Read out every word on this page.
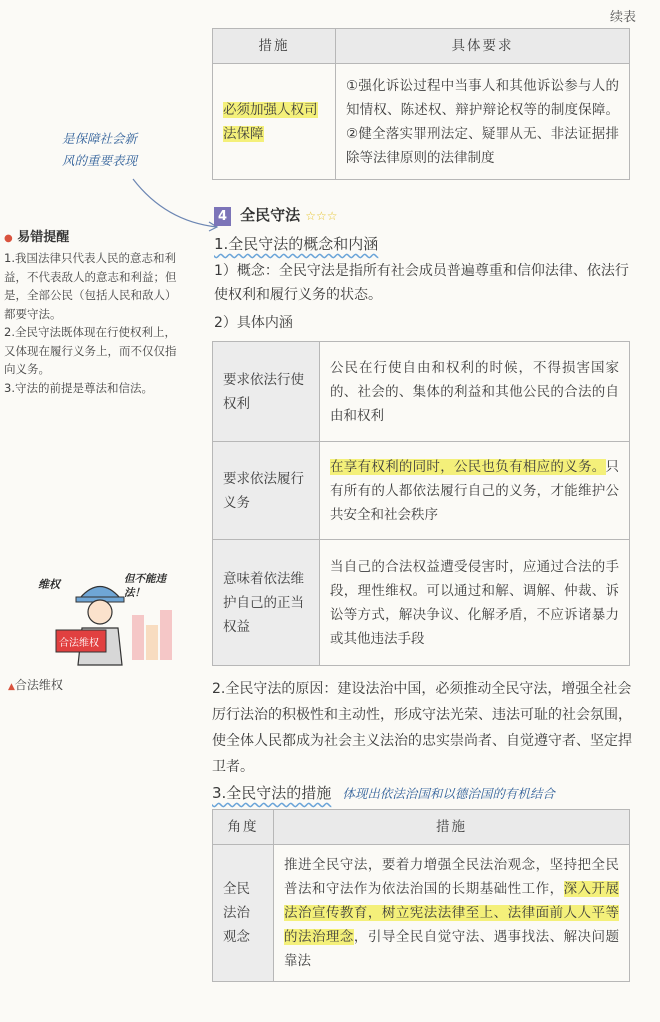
续表
措施	具体要求
必须加强人权司法保障	①强化诉讼过程中当事人和其他诉讼参与人的知情权、陈述权、辩护辩论权等的制度保障。②健全落实罪刑法定、疑罪从无、非法证据排除等法律原则的法律制度
是保障社会新
风的重要表现
● 易错提醒
1.我国法律只代表人民的意志和利益，不代表敌人的意志和利益；但是，全部公民（包括人民和敌人）都要守法。
2.全民守法既体现在行使权利上，又体现在履行义务上，而不仅仅指向义务。
3.守法的前提是尊法和信法。
合法维权
维权	但不能违法！
▲合法维权
4 全民守法 ☆☆☆
1.全民守法的概念和内涵

1）概念：全民守法是指所有社会成员普遍尊重和信仰法律、依法行使权利和履行义务的状态。

2）具体内涵

要求依法行使权利	公民在行使自由和权利的时候，不得损害国家的、社会的、集体的利益和其他公民的合法的自由和权利
要求依法履行义务	在享有权利的同时，公民也负有相应的义务。只有所有的人都依法履行自己的义务，才能维护公共安全和社会秩序
意味着依法维护自己的正当权益	当自己的合法权益遭受侵害时，应通过合法的手段，理性维权。可以通过和解、调解、仲裁、诉讼等方式，解决争议、化解矛盾，不应诉诸暴力或其他违法手段

2.全民守法的原因：建设法治中国，必须推动全民守法，增强全社会厉行法治的积极性和主动性，形成守法光荣、违法可耻的社会氛围，使全体人民都成为社会主义法治的忠实崇尚者、自觉遵守者、坚定捍卫者。

3.全民守法的措施 体现出依法治国和以德治国的有机结合
角度	措施
全民法治观念	推进全民守法，要着力增强全民法治观念，坚持把全民普法和守法作为依法治国的长期基础性工作，深入开展法治宣传教育，树立宪法法律至上、法律面前人人平等的法治理念，引导全民自觉守法、遇事找法、解决问题靠法
